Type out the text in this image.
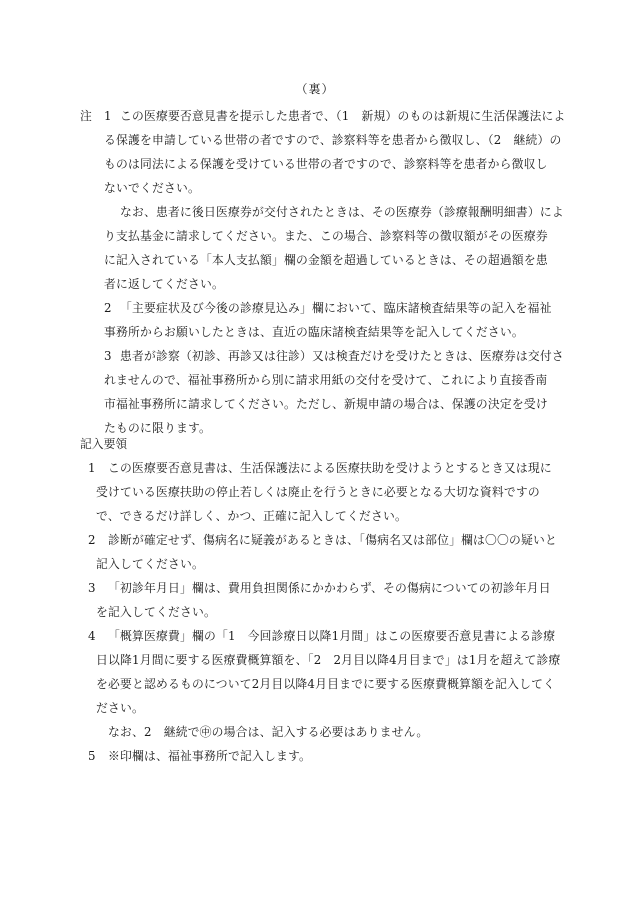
（裏）
注 1 この医療要否意見書を提示した患者で、（1　新規）のものは新規に生活保護法によ
る保護を申請している世帯の者ですので、診察料等を患者から徴収し、（2　継続）の
ものは同法による保護を受けている世帯の者ですので、診察料等を患者から徴収し
ないでください。
なお、患者に後日医療券が交付されたときは、その医療券（診療報酬明細書）によ
り支払基金に請求してください。また、この場合、診察料等の徴収額がその医療券
に記入されている「本人支払額」欄の金額を超過しているときは、その超過額を患
者に返してください。
2 「主要症状及び今後の診療見込み」欄において、臨床諸検査結果等の記入を福祉
事務所からお願いしたときは、直近の臨床諸検査結果等を記入してください。
3 患者が診察（初診、再診又は往診）又は検査だけを受けたときは、医療券は交付さ
れませんので、福祉事務所から別に請求用紙の交付を受けて、これにより直接香南
市福祉事務所に請求してください。ただし、新規申請の場合は、保護の決定を受け
たものに限ります。
記入要領
1 この医療要否意見書は、生活保護法による医療扶助を受けようとするとき又は現に
受けている医療扶助の停止若しくは廃止を行うときに必要となる大切な資料ですの
で、できるだけ詳しく、かつ、正確に記入してください。
2 診断が確定せず、傷病名に疑義があるときは、「傷病名又は部位」欄は〇〇の疑いと
記入してください。
3 「初診年月日」欄は、費用負担関係にかかわらず、その傷病についての初診年月日
を記入してください。
4 「概算医療費」欄の「1　今回診療日以降1月間」はこの医療要否意見書による診療
日以降1月間に要する医療費概算額を、「2　2月目以降4月目まで」は1月を超えて診療
を必要と認めるものについて2月目以降4月目までに要する医療費概算額を記入してく
ださい。
なお、2　継続で㊥の場合は、記入する必要はありません。
5 ※印欄は、福祉事務所で記入します。
